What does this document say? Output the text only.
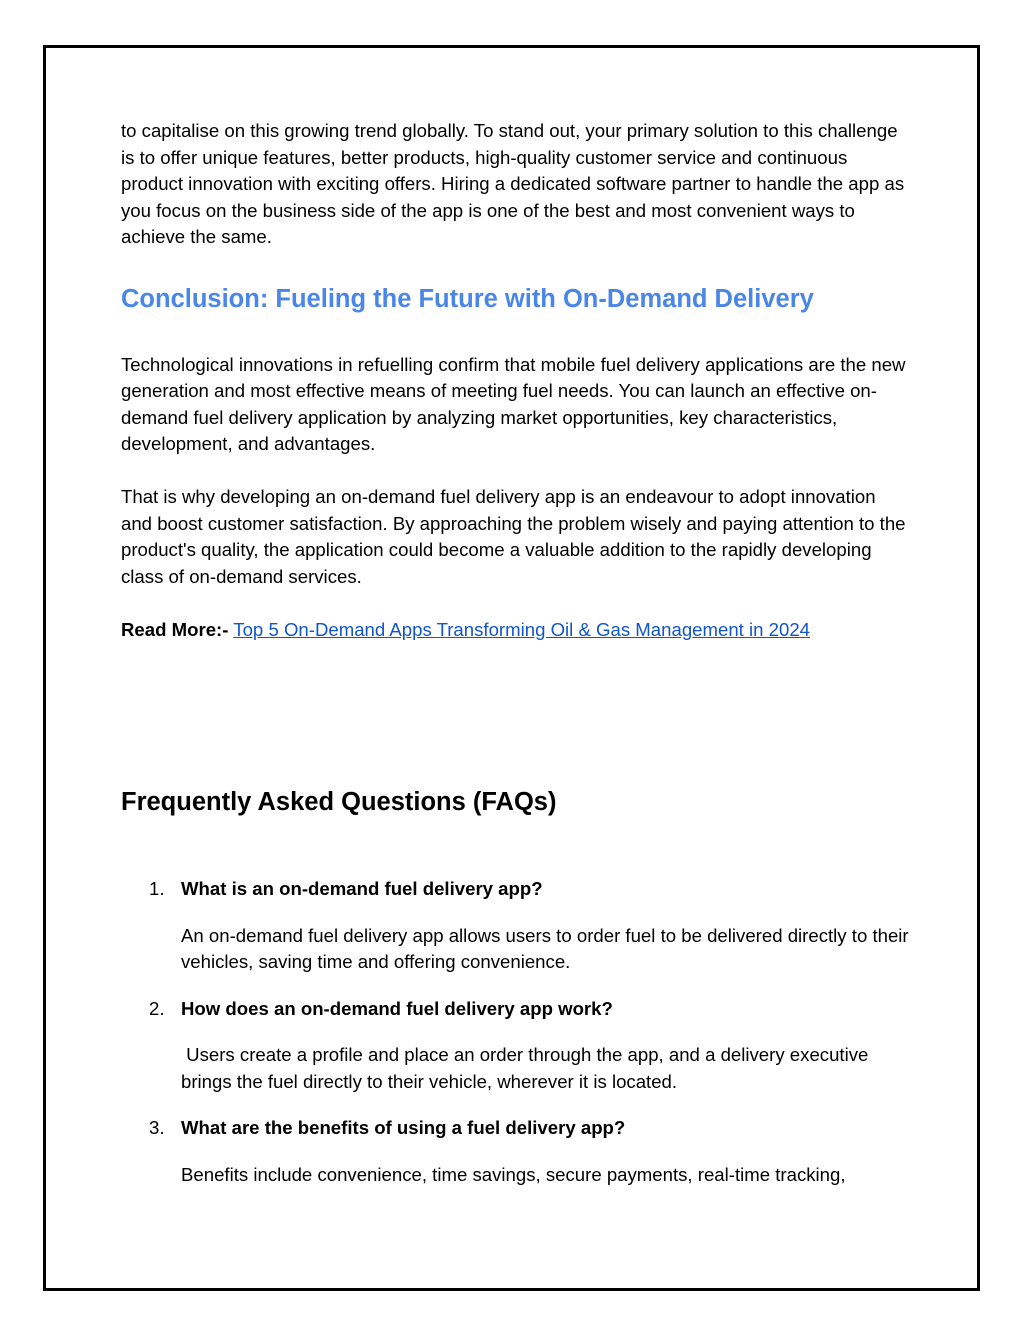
to capitalise on this growing trend globally. To stand out, your primary solution to this challenge is to offer unique features, better products, high-quality customer service and continuous product innovation with exciting offers. Hiring a dedicated software partner to handle the app as you focus on the business side of the app is one of the best and most convenient ways to achieve the same.

Conclusion: Fueling the Future with On-Demand Delivery

Technological innovations in refuelling confirm that mobile fuel delivery applications are the new generation and most effective means of meeting fuel needs. You can launch an effective on-demand fuel delivery application by analyzing market opportunities, key characteristics, development, and advantages.

That is why developing an on-demand fuel delivery app is an endeavour to adopt innovation and boost customer satisfaction. By approaching the problem wisely and paying attention to the product's quality, the application could become a valuable addition to the rapidly developing class of on-demand services.

Read More:- Top 5 On-Demand Apps Transforming Oil & Gas Management in 2024

Frequently Asked Questions (FAQs)
1. What is an on-demand fuel delivery app?
An on-demand fuel delivery app allows users to order fuel to be delivered directly to their vehicles, saving time and offering convenience.
2. How does an on-demand fuel delivery app work?
Users create a profile and place an order through the app, and a delivery executive brings the fuel directly to their vehicle, wherever it is located.
3. What are the benefits of using a fuel delivery app?
Benefits include convenience, time savings, secure payments, real-time tracking,
